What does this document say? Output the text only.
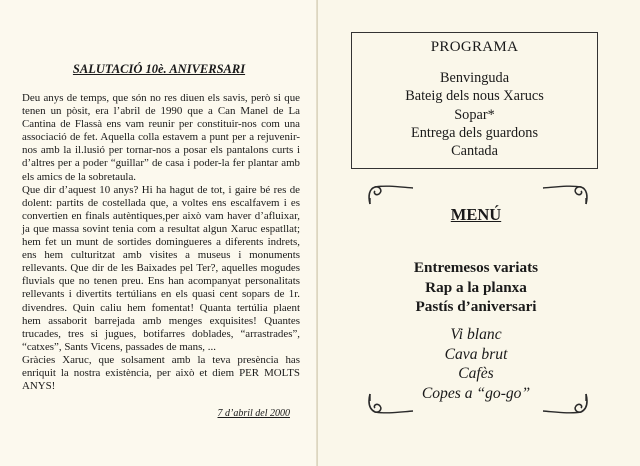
SALUTACIÓ 10è. ANIVERSARI

Deu anys de temps, que són no res diuen els savis, però si que tenen un pòsit, era l’abril de 1990 que a Can Manel de La Cantina de Flassà ens vam reunir per constituir-nos com una associació de fet. Aquella colla estavem a punt per a rejuvenir-nos amb la il.lusió per tornar-nos a posar els pantalons curts i d’altres per a poder “guillar” de casa i poder-la fer plantar amb els amics de la sobretaula.

Que dir d’aquest 10 anys? Hi ha hagut de tot, i gaire bé res de dolent: partits de costellada que, a voltes ens escalfavem i es convertien en finals autèntiques,per això vam haver d’afluixar, ja que massa sovint tenia com a resultat algun Xaruc espatllat; hem fet un munt de sortides domingueres a diferents indrets, ens hem culturitzat amb visites a museus i monuments rellevants. Que dir de les Baixades pel Ter?, aquelles mogudes fluvials que no tenen preu. Ens han acompanyat personalitats rellevants i divertits tertúlians en els quasi cent sopars de 1r. divendres. Quin caliu hem fomentat! Quanta tertúlia plaent hem assaborit barrejada amb menges exquisites! Quantes trucades, tres si jugues, botifarres doblades, “arrastrades”, “catxes”, Sants Vicens, passades de mans, ...

Gràcies Xaruc, que solsament amb la teva presència has enriquit la nostra existència, per això et diem PER MOLTS ANYS!

7 d’abril del 2000
PROGRAMA
Benvinguda
Bateig dels nous Xarucs
Sopar*
Entrega dels guardons
Cantada
MENÚ
Entremesos variats
Rap a la planxa
Pastís d’aniversari
Vi blanc
Cava brut
Cafès
Copes a “go-go”
